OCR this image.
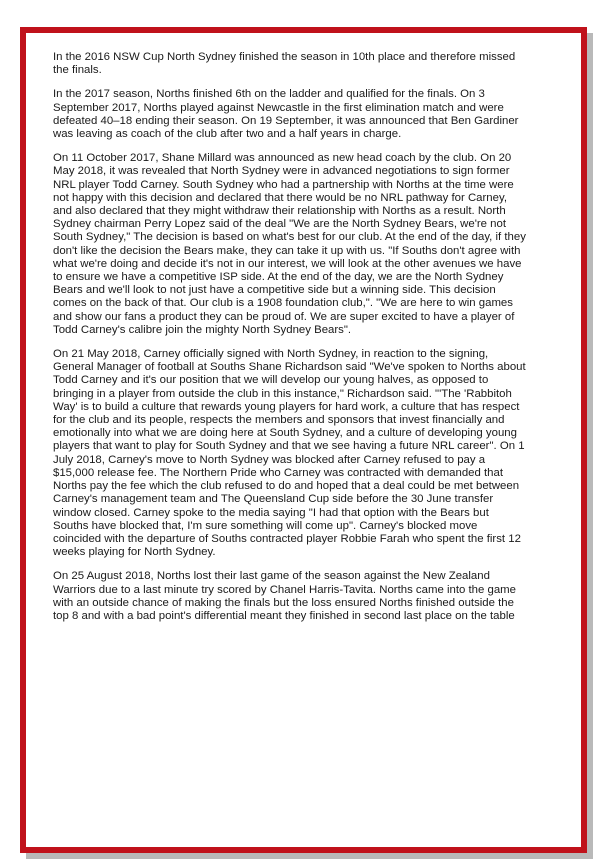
In the 2016 NSW Cup North Sydney finished the season in 10th place and therefore missed the finals.

In the 2017 season, Norths finished 6th on the ladder and qualified for the finals. On 3 September 2017, Norths played against Newcastle in the first elimination match and were defeated 40–18 ending their season. On 19 September, it was announced that Ben Gardiner was leaving as coach of the club after two and a half years in charge.

On 11 October 2017, Shane Millard was announced as new head coach by the club. On 20 May 2018, it was revealed that North Sydney were in advanced negotiations to sign former NRL player Todd Carney. South Sydney who had a partnership with Norths at the time were not happy with this decision and declared that there would be no NRL pathway for Carney, and also declared that they might withdraw their relationship with Norths as a result. North Sydney chairman Perry Lopez said of the deal "We are the North Sydney Bears, we're not South Sydney," The decision is based on what's best for our club. At the end of the day, if they don't like the decision the Bears make, they can take it up with us. "If Souths don't agree with what we're doing and decide it's not in our interest, we will look at the other avenues we have to ensure we have a competitive ISP side. At the end of the day, we are the North Sydney Bears and we'll look to not just have a competitive side but a winning side. This decision comes on the back of that. Our club is a 1908 foundation club,". "We are here to win games and show our fans a product they can be proud of. We are super excited to have a player of Todd Carney's calibre join the mighty North Sydney Bears".

On 21 May 2018, Carney officially signed with North Sydney, in reaction to the signing, General Manager of football at Souths Shane Richardson said "We've spoken to Norths about Todd Carney and it's our position that we will develop our young halves, as opposed to bringing in a player from outside the club in this instance," Richardson said. "'The 'Rabbitoh Way' is to build a culture that rewards young players for hard work, a culture that has respect for the club and its people, respects the members and sponsors that invest financially and emotionally into what we are doing here at South Sydney, and a culture of developing young players that want to play for South Sydney and that we see having a future NRL career". On 1 July 2018, Carney's move to North Sydney was blocked after Carney refused to pay a $15,000 release fee. The Northern Pride who Carney was contracted with demanded that Norths pay the fee which the club refused to do and hoped that a deal could be met between Carney's management team and The Queensland Cup side before the 30 June transfer window closed. Carney spoke to the media saying "I had that option with the Bears but Souths have blocked that, I'm sure something will come up". Carney's blocked move coincided with the departure of Souths contracted player Robbie Farah who spent the first 12 weeks playing for North Sydney.

On 25 August 2018, Norths lost their last game of the season against the New Zealand Warriors due to a last minute try scored by Chanel Harris-Tavita. Norths came into the game with an outside chance of making the finals but the loss ensured Norths finished outside the top 8 and with a bad point's differential meant they finished in second last place on the table
